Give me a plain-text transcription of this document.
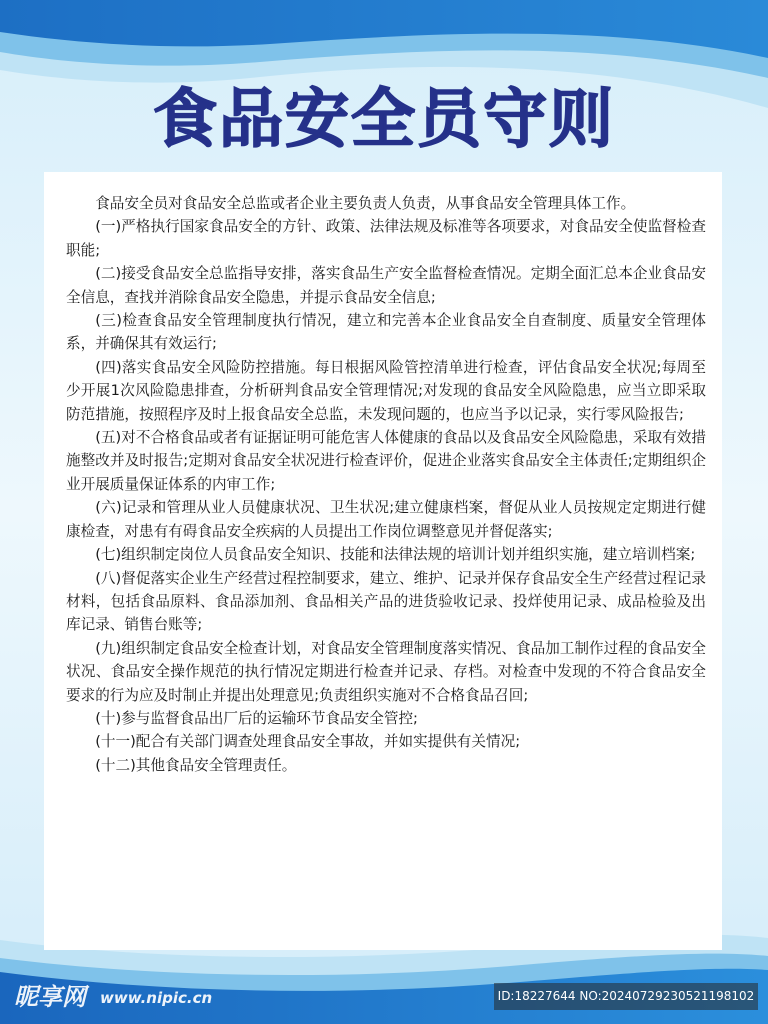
食品安全员守则

食品安全员对食品安全总监或者企业主要负责人负责，从事食品安全管理具体工作。

(一)严格执行国家食品安全的方针、政策、法律法规及标准等各项要求，对食品安全使监督检查职能;

(二)接受食品安全总监指导安排，落实食品生产安全监督检查情况。定期全面汇总本企业食品安全信息，查找并消除食品安全隐患，并提示食品安全信息;

(三)检查食品安全管理制度执行情况，建立和完善本企业食品安全自查制度、质量安全管理体系，并确保其有效运行;

(四)落实食品安全风险防控措施。每日根据风险管控清单进行检查，评估食品安全状况;每周至少开展1次风险隐患排查，分析研判食品安全管理情况;对发现的食品安全风险隐患，应当立即采取防范措施，按照程序及时上报食品安全总监，未发现问题的，也应当予以记录，实行零风险报告;

(五)对不合格食品或者有证据证明可能危害人体健康的食品以及食品安全风险隐患，采取有效措施整改并及时报告;定期对食品安全状况进行检查评价，促进企业落实食品安全主体责任;定期组织企业开展质量保证体系的内审工作;

(六)记录和管理从业人员健康状况、卫生状况;建立健康档案，督促从业人员按规定定期进行健康检查，对患有有碍食品安全疾病的人员提出工作岗位调整意见并督促落实;

(七)组织制定岗位人员食品安全知识、技能和法律法规的培训计划并组织实施，建立培训档案;

(八)督促落实企业生产经营过程控制要求，建立、维护、记录并保存食品安全生产经营过程记录材料，包括食品原料、食品添加剂、食品相关产品的进货验收记录、投烊使用记录、成品检验及出库记录、销售台账等;

(九)组织制定食品安全检查计划，对食品安全管理制度落实情况、食品加工制作过程的食品安全状况、食品安全操作规范的执行情况定期进行检查并记录、存档。对检查中发现的不符合食品安全要求的行为应及时制止并提出处理意见;负责组织实施对不合格食品召回;

(十)参与监督食品出厂后的运输环节食品安全管控;

(十一)配合有关部门调查处理食品安全事故，并如实提供有关情况;

(十二)其他食品安全管理责任。

昵享网 www.nipic.cn	ID:18227644 NO:20240729230521198102
